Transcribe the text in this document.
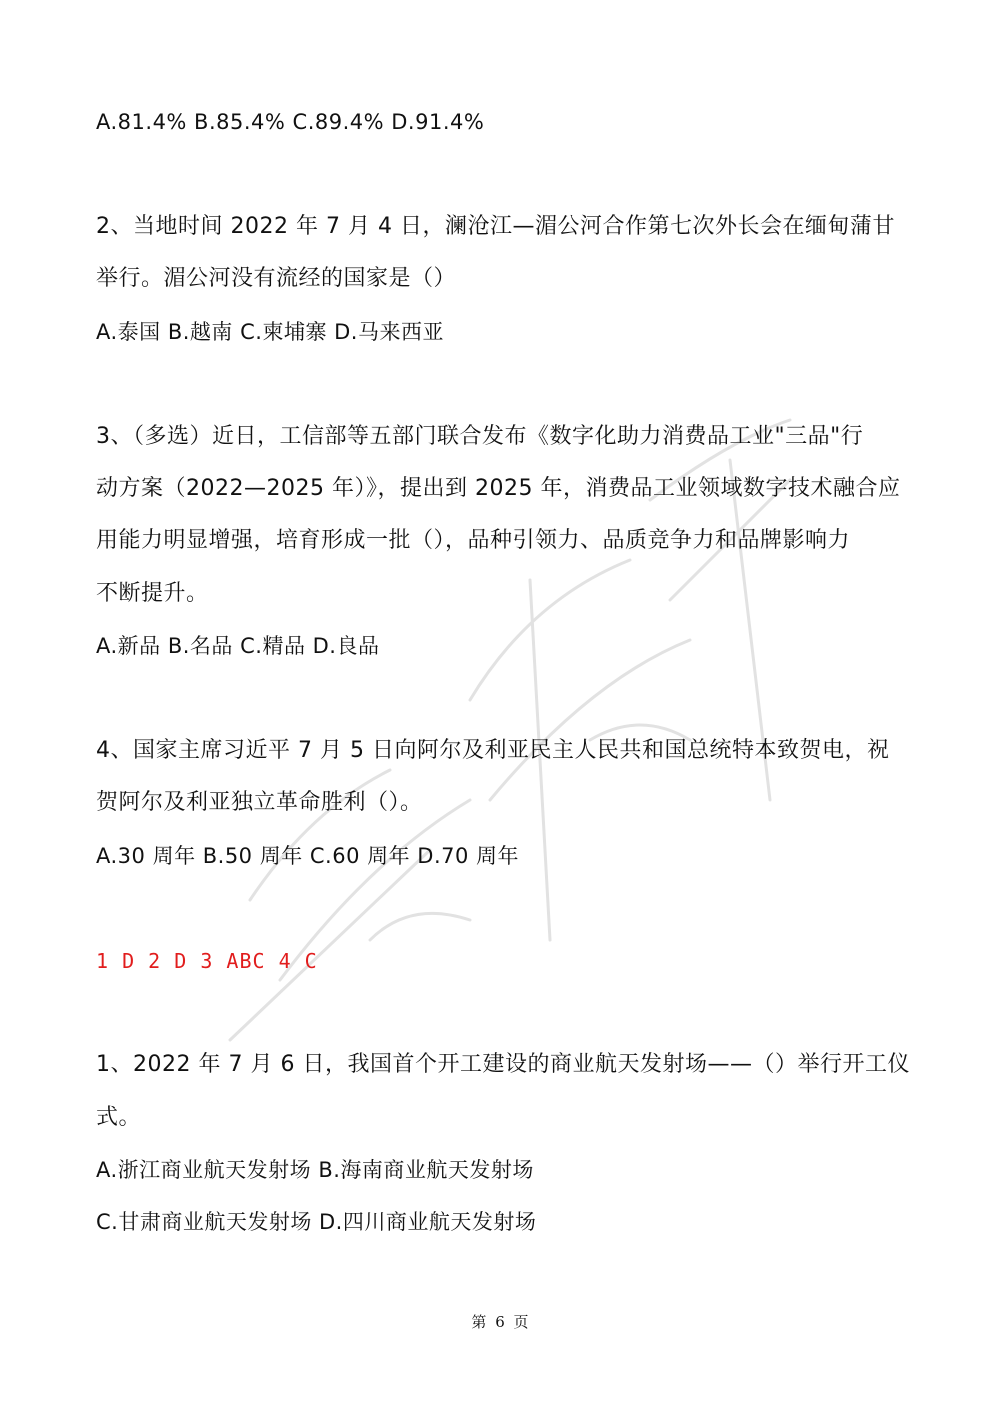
A.81.4% B.85.4% C.89.4% D.91.4%
2、当地时间 2022 年 7 月 4 日，澜沧江—湄公河合作第七次外长会在缅甸蒲甘
举行。湄公河没有流经的国家是（）
A.泰国 B.越南 C.柬埔寨 D.马来西亚
3、（多选）近日，工信部等五部门联合发布《数字化助力消费品工业"三品"行
动方案（2022—2025 年）》，提出到 2025 年，消费品工业领域数字技术融合应
用能力明显增强，培育形成一批（），品种引领力、品质竞争力和品牌影响力
不断提升。
A.新品 B.名品 C.精品 D.良品
4、国家主席习近平 7 月 5 日向阿尔及利亚民主人民共和国总统特本致贺电，祝
贺阿尔及利亚独立革命胜利（）。
A.30 周年 B.50 周年 C.60 周年 D.70 周年
1 D 2 D 3 ABC 4 C
1、2022 年 7 月 6 日，我国首个开工建设的商业航天发射场——（）举行开工仪
式。
A.浙江商业航天发射场 B.海南商业航天发射场
C.甘肃商业航天发射场 D.四川商业航天发射场
第 6 页
